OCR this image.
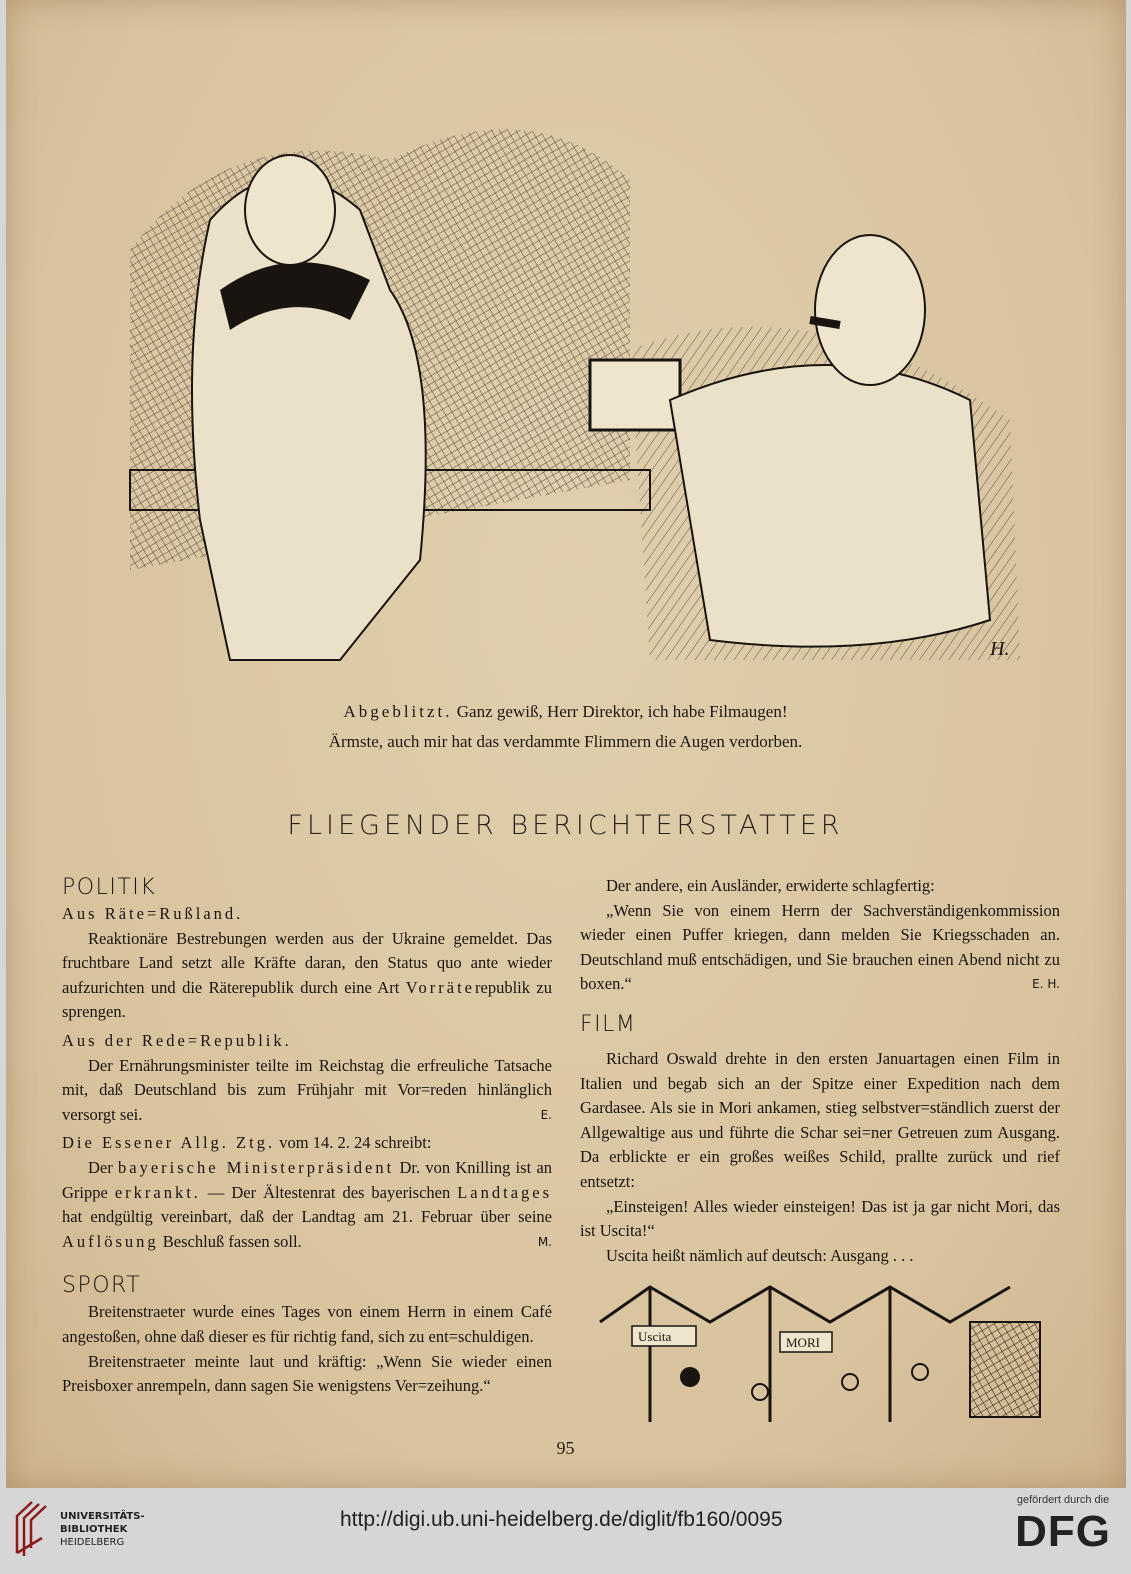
H.
Abgeblitzt. Ganz gewiß, Herr Direktor, ich habe Filmaugen!
Ärmste, auch mir hat das verdammte Flimmern die Augen verdorben.
FLIEGENDER BERICHTERSTATTER
POLITIK

Aus Räte=Rußland.

Reaktionäre Bestrebungen werden aus der Ukraine gemeldet. Das fruchtbare Land setzt alle Kräfte daran, den Status quo ante wieder aufzurichten und die Räterepublik durch eine Art Vorräterepublik zu sprengen.

Aus der Rede=Republik.

Der Ernährungsminister teilte im Reichstag die erfreuliche Tatsache mit, daß Deutschland bis zum Frühjahr mit Vor=reden hinlänglich versorgt sei.	E.

Die Essener Allg. Ztg. vom 14. 2. 24 schreibt:

Der bayerische Ministerpräsident Dr. von Knilling ist an Grippe erkrankt. — Der Ältestenrat des bayerischen Landtages hat endgültig vereinbart, daß der Landtag am 21. Februar über seine Auflösung Beschluß fassen soll.	M.

SPORT

Breitenstraeter wurde eines Tages von einem Herrn in einem Café angestoßen, ohne daß dieser es für richtig fand, sich zu ent=schuldigen.

Breitenstraeter meinte laut und kräftig: „Wenn Sie wieder einen Preisboxer anrempeln, dann sagen Sie wenigstens Ver=zeihung.“

Der andere, ein Ausländer, erwiderte schlagfertig:

„Wenn Sie von einem Herrn der Sachverständigenkommission wieder einen Puffer kriegen, dann melden Sie Kriegsschaden an. Deutschland muß entschädigen, und Sie brauchen einen Abend nicht zu boxen.“	E. H.

FILM

Richard Oswald drehte in den ersten Januartagen einen Film in Italien und begab sich an der Spitze einer Expedition nach dem Gardasee. Als sie in Mori ankamen, stieg selbstver=ständlich zuerst der Allgewaltige aus und führte die Schar sei=ner Getreuen zum Ausgang. Da erblickte er ein großes weißes Schild, prallte zurück und rief entsetzt:

„Einsteigen! Alles wieder einsteigen! Das ist ja gar nicht Mori, das ist Uscita!“

Uscita heißt nämlich auf deutsch: Ausgang . . .

Uscita	MORI
95
UNIVERSITÄTS-
BIBLIOTHEK
HEIDELBERG
http://digi.ub.uni-heidelberg.de/diglit/fb160/0095
gefördert durch die
DFG
